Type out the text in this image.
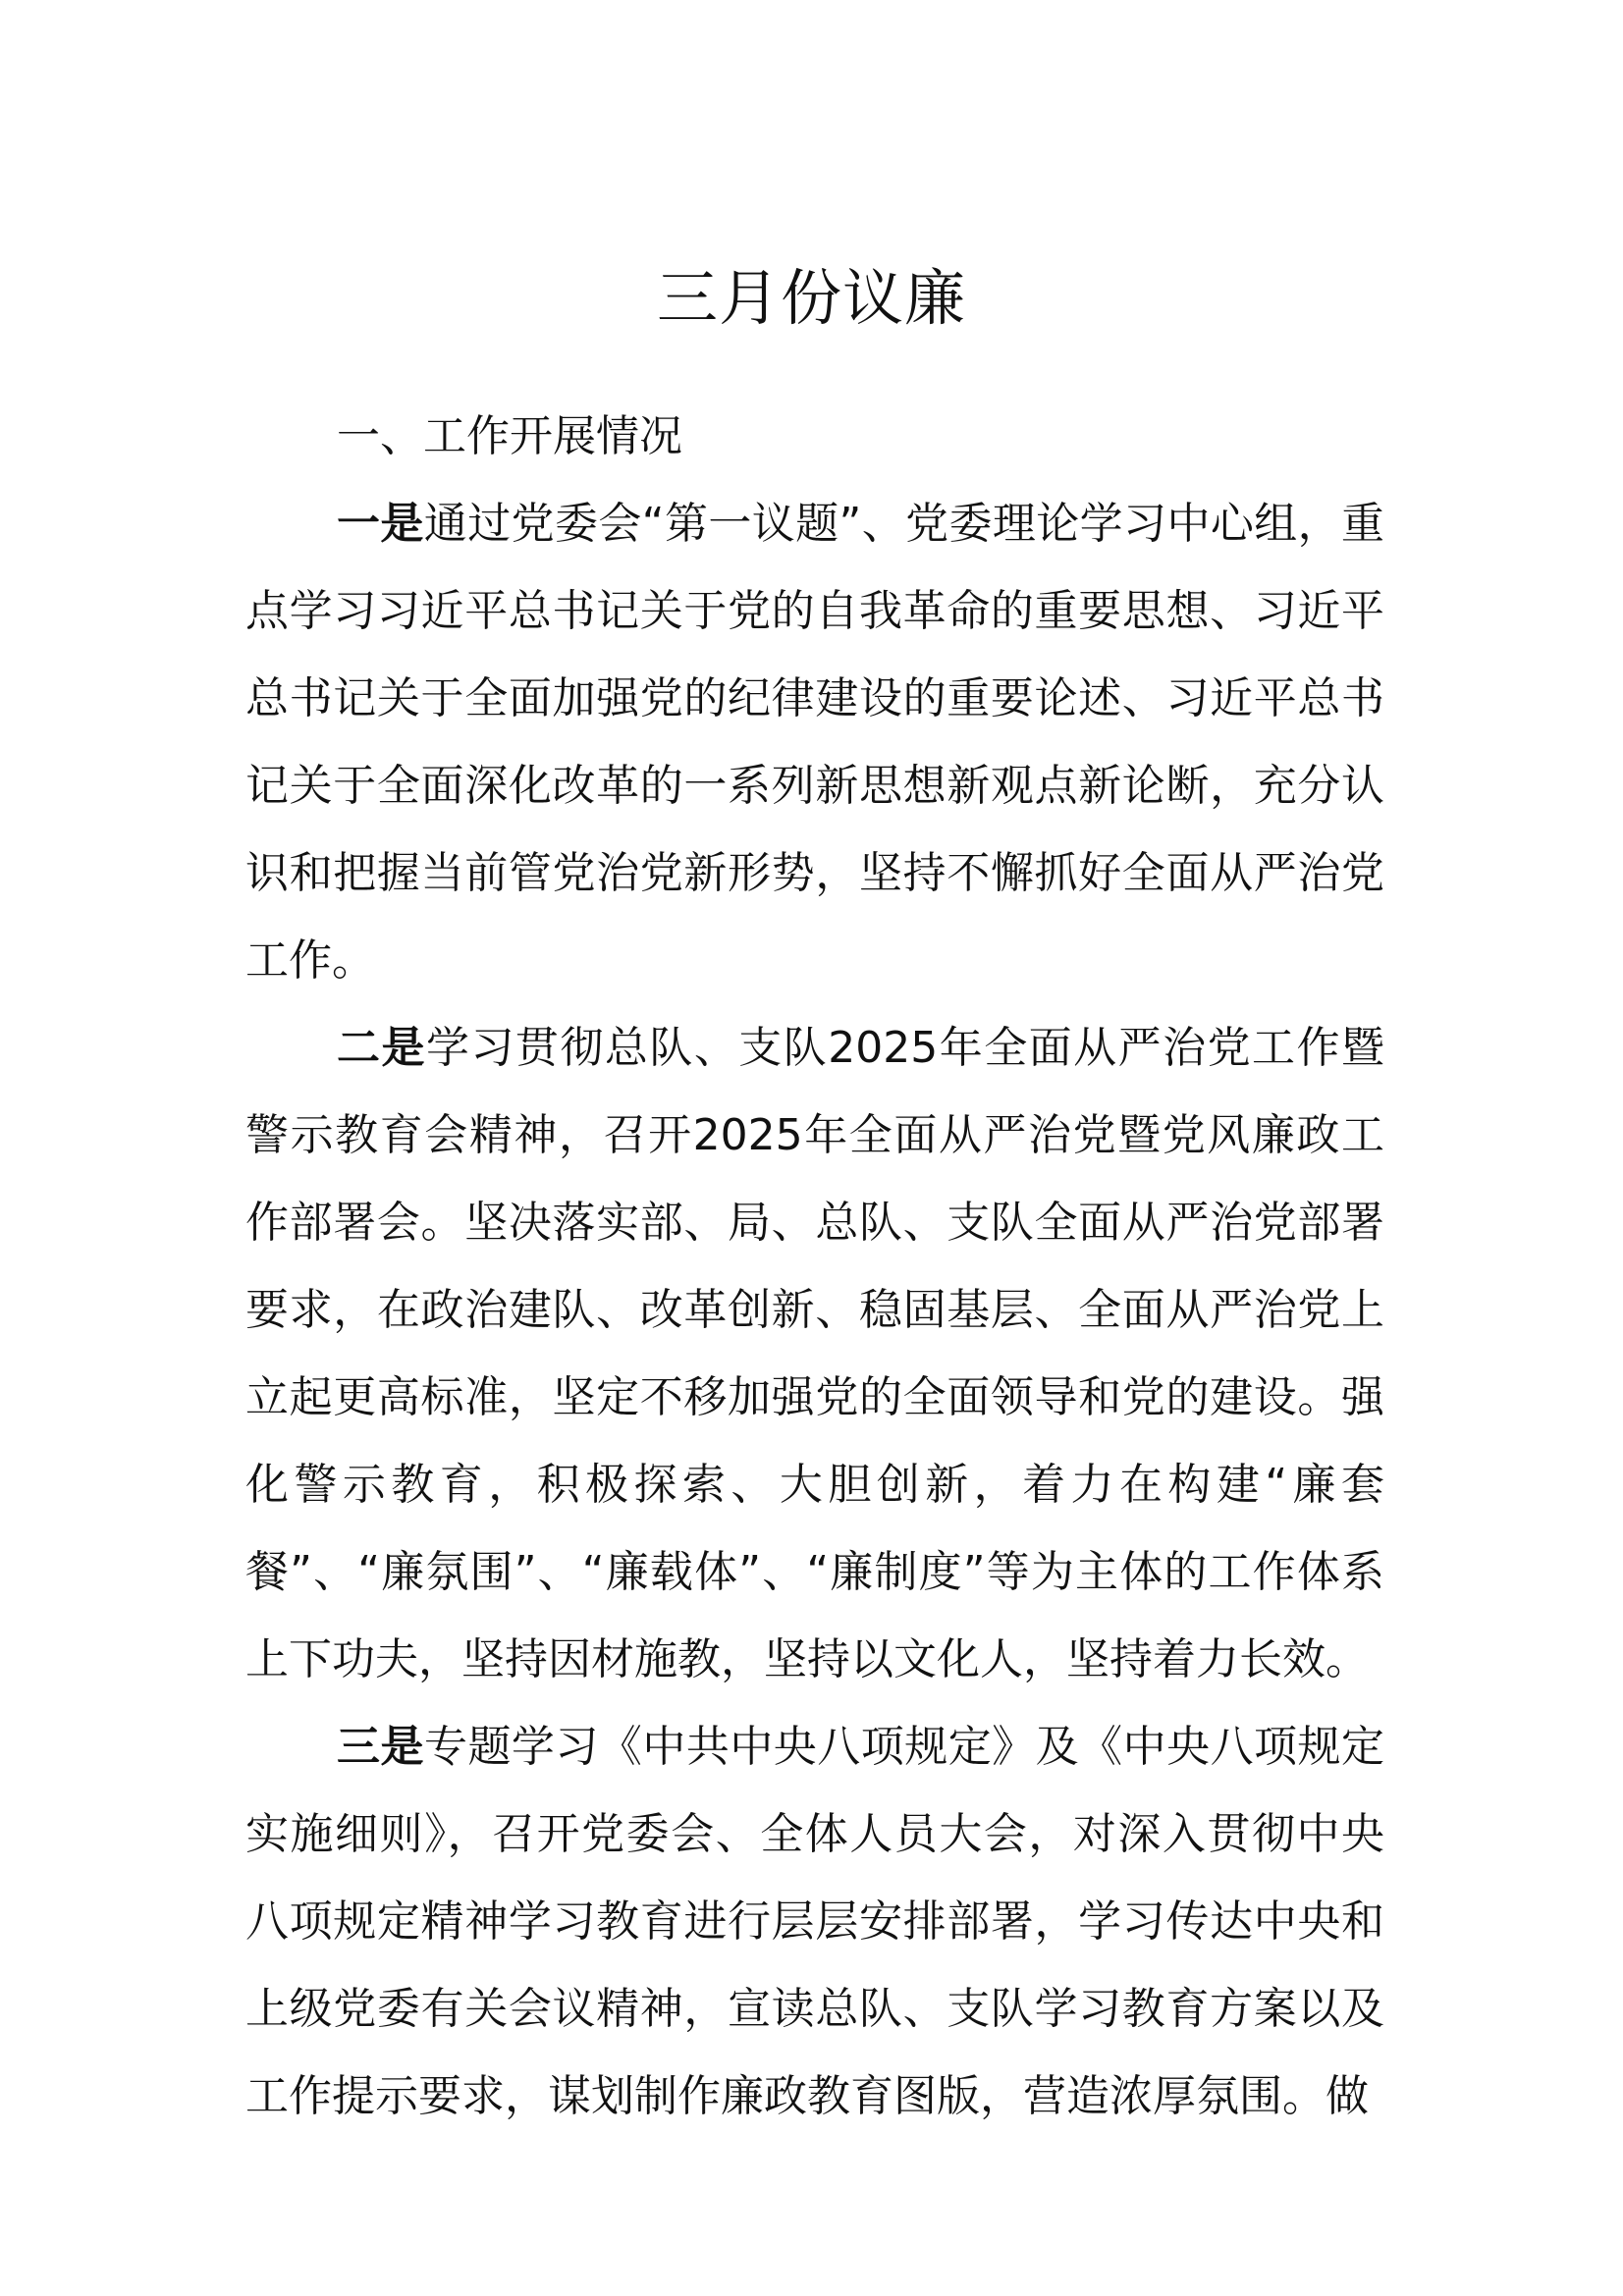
三月份议廉

一、工作开展情况

一是通过党委会“第一议题”、党委理论学习中心组，重点学习习近平总书记关于党的自我革命的重要思想、习近平总书记关于全面加强党的纪律建设的重要论述、习近平总书记关于全面深化改革的一系列新思想新观点新论断，充分认识和把握当前管党治党新形势，坚持不懈抓好全面从严治党工作。

二是学习贯彻总队、支队2025年全面从严治党工作暨警示教育会精神，召开2025年全面从严治党暨党风廉政工作部署会。坚决落实部、局、总队、支队全面从严治党部署要求，在政治建队、改革创新、稳固基层、全面从严治党上立起更高标准，坚定不移加强党的全面领导和党的建设。强化警示教育，积极探索、大胆创新，着力在构建“廉套餐”、“廉氛围”、“廉载体”、“廉制度”等为主体的工作体系上下功夫，坚持因材施教，坚持以文化人，坚持着力长效。

三是专题学习《中共中央八项规定》及《中央八项规定实施细则》，召开党委会、全体人员大会，对深入贯彻中央八项规定精神学习教育进行层层安排部署，学习传达中央和上级党委有关会议精神，宣读总队、支队学习教育方案以及工作提示要求，谋划制作廉政教育图版，营造浓厚氛围。做
